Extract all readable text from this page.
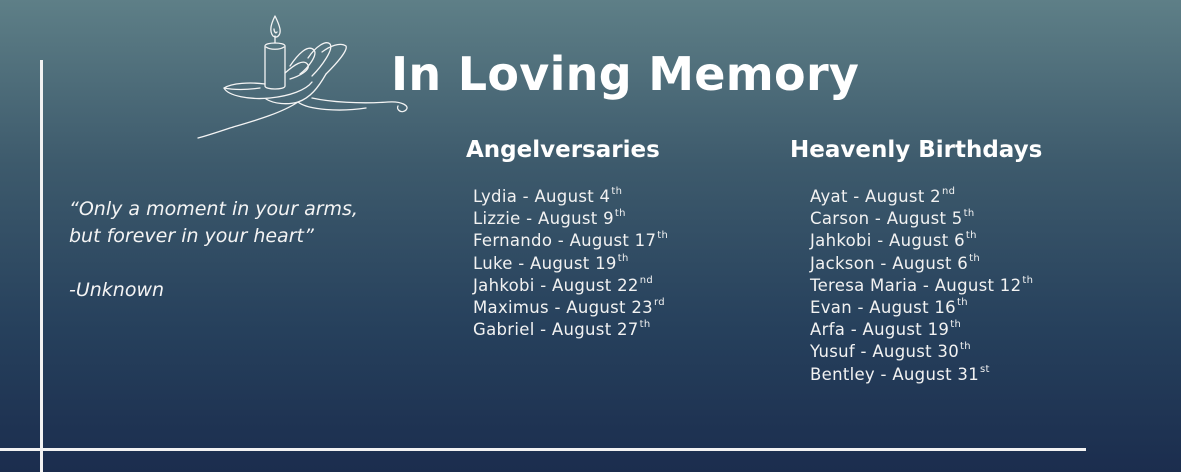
In Loving Memory
“Only a moment in your arms,
but forever in your heart”
-Unknown
Angelversaries
Lydia - August 4th
Lizzie - August 9th
Fernando - August 17th
Luke - August 19th
Jahkobi - August 22nd
Maximus - August 23rd
Gabriel - August 27th
Heavenly Birthdays
Ayat - August 2nd
Carson - August 5th
Jahkobi - August 6th
Jackson - August 6th
Teresa Maria - August 12th
Evan - August 16th
Arfa - August 19th
Yusuf - August 30th
Bentley - August 31st
